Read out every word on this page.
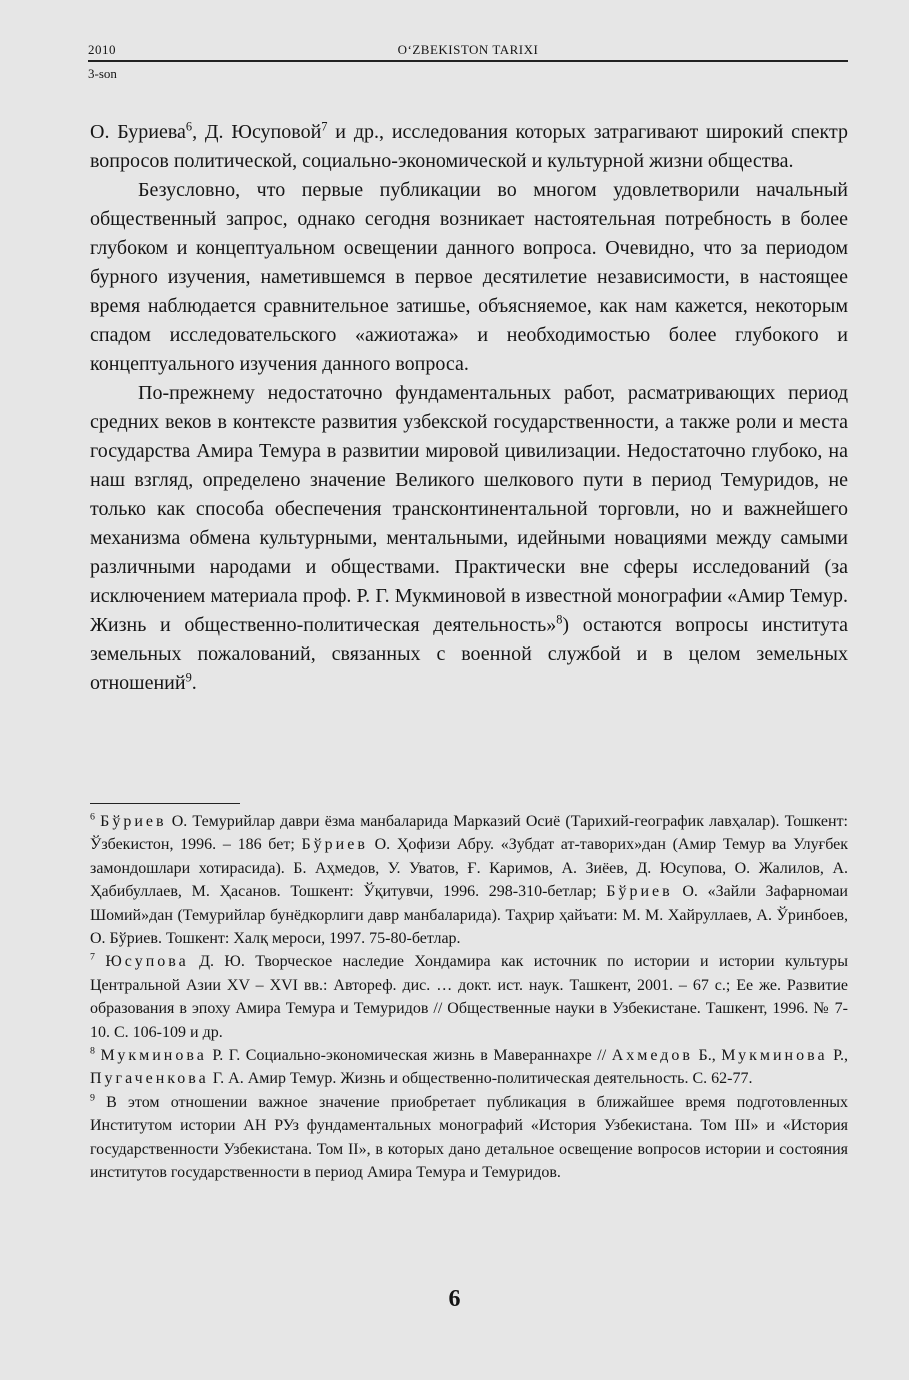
2010	O‘ZBEKISTON TARIXI
3-son

О. Буриева$^6$, Д. Юсуповой$^7$ и др., исследования которых затрагивают широкий спектр вопросов политической, социально-экономической и культурной жизни общества.

Безусловно, что первые публикации во многом удовлетворили начальный общественный запрос, однако сегодня возникает настоятельная потребность в более глубоком и концептуальном освещении данного вопроса. Очевидно, что за периодом бурного изучения, наметившемся в первое десятилетие независимости, в настоящее время наблюдается сравнительное затишье, объясняемое, как нам кажется, некоторым спадом исследовательского «ажиотажа» и необходимостью более глубокого и концептуального изучения данного вопроса.

По-прежнему недостаточно фундаментальных работ, расматривающих период средних веков в контексте развития узбекской государственности, а также роли и места государства Амира Темура в развитии мировой цивилизации. Недостаточно глубоко, на наш взгляд, определено значение Великого шелкового пути в период Темуридов, не только как способа обеспечения трансконтинентальной торговли, но и важнейшего механизма обмена культурными, ментальными, идейными новациями между самыми различными народами и обществами. Практически вне сферы исследований (за исключением материала проф. Р. Г. Мукминовой в известной монографии «Амир Темур. Жизнь и общественно-политическая деятельность»$^8$) остаются вопросы института земельных пожалований, связанных с военной службой и в целом земельных отношений$^9$.

$^6$ Бўриев О. Темурийлар даври ёзма манбаларида Марказий Осиё (Тарихий-географик лавҳалар). Тошкент: Ўзбекистон, 1996. – 186 бет; Бўриев О. Ҳофизи Абру. «Зубдат ат-таворих»дан (Амир Темур ва Улуғбек замондошлари хотирасида). Б. Аҳмедов, У. Уватов, Ғ. Каримов, А. Зиёев, Д. Юсупова, О. Жалилов, А. Ҳабибуллаев, М. Ҳасанов. Тошкент: Ўқитувчи, 1996. 298-310-бетлар; Бўриев О. «Зайли Зафарномаи Шомий»дан (Темурийлар бунёдкорлиги давр манбаларида). Таҳрир ҳайъати: М. М. Хайруллаев, А. Ўринбоев, О. Бўриев. Тошкент: Халқ мероси, 1997. 75-80-бетлар.

$^7$ Юсупова Д. Ю. Творческое наследие Хондамира как источник по истории и истории культуры Центральной Азии XV – XVI вв.: Автореф. дис. … докт. ист. наук. Ташкент, 2001. – 67 с.; Ее же. Развитие образования в эпоху Амира Темура и Темуридов // Общественные науки в Узбекистане. Ташкент, 1996. № 7-10. С. 106-109 и др.

$^8$ Мукминова Р. Г. Социально-экономическая жизнь в Мавераннахре // Ахмедов Б., Мукминова Р., Пугаченкова Г. А. Амир Темур. Жизнь и общественно-политическая деятельность. С. 62-77.

$^9$ В этом отношении важное значение приобретает публикация в ближайшее время подготовленных Институтом истории АН РУз фундаментальных монографий «История Узбекистана. Том III» и «История государственности Узбекистана. Том II», в которых дано детальное освещение вопросов истории и состояния институтов государственности в период Амира Темура и Темуридов.

6
